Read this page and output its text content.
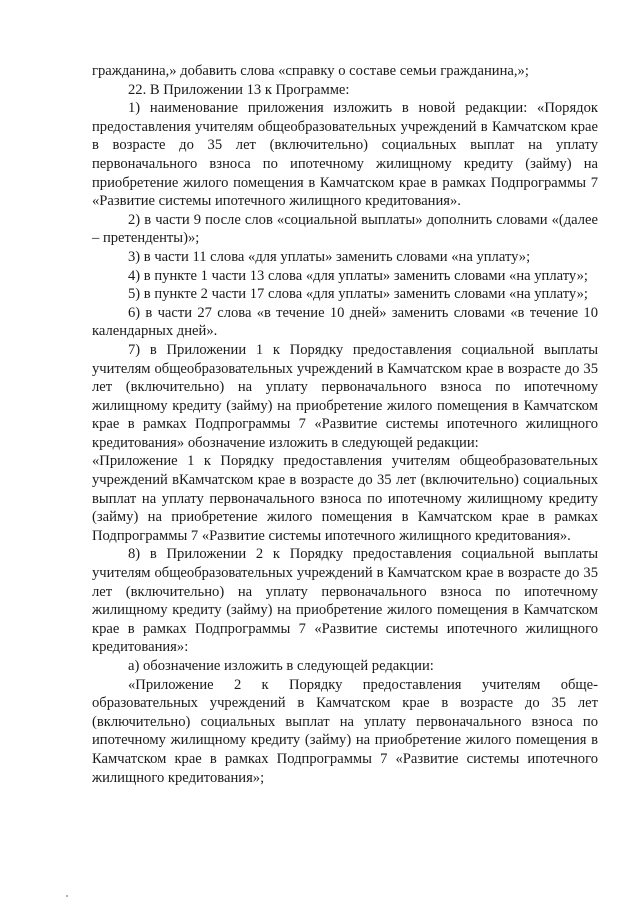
гражданина,» добавить слова «справку о составе семьи гражданина,»;

22. В Приложении 13 к Программе:

1) наименование приложения изложить в новой редакции: «Порядок предоставления учителям общеобразовательных учреждений в Камчатском крае в возрасте до 35 лет (включительно) социальных выплат на уплату первоначального взноса по ипотечному жилищному кредиту (займу) на приобретение жилого помещения в Камчатском крае в рамках Подпрограммы 7 «Развитие системы ипотечного жилищного кредитования».

2) в части 9 после слов «социальной выплаты» дополнить словами «(далее – претенденты)»;

3) в части 11 слова «для уплаты» заменить словами «на уплату»;

4) в пункте 1 части 13 слова «для уплаты» заменить словами «на уплату»;

5) в пункте 2 части 17 слова «для уплаты» заменить словами «на уплату»;

6) в части 27 слова «в течение 10 дней» заменить словами «в течение 10 календарных дней».

7) в Приложении 1 к Порядку предоставления социальной выплаты учителям общеобразовательных учреждений в Камчатском крае в возрасте до 35 лет (включительно) на уплату первоначального взноса по ипотечному жилищному кредиту (займу) на приобретение жилого помещения в Камчатском крае в рамках Подпрограммы 7 «Развитие системы ипотечного жилищного кредитования» обозначение изложить в следующей редакции:

«Приложение 1 к Порядку предоставления учителям общеобразовательных учреждений вКамчатском крае в возрасте до 35 лет (включительно) социальных выплат на уплату первоначального взноса по ипотечному жилищному кредиту (займу) на приобретение жилого помещения в Камчатском крае в рамках Подпрограммы 7 «Развитие системы ипотечного жилищного кредитования».

8) в Приложении 2 к Порядку предоставления социальной выплаты учителям общеобразовательных учреждений в Камчатском крае в возрасте до 35 лет (включительно) на уплату первоначального взноса по ипотечному жилищному кредиту (займу) на приобретение жилого помещения в Камчатском крае в рамках Подпрограммы 7 «Развитие системы ипотечного жилищного кредитования»:

а) обозначение изложить в следующей редакции:

«Приложение 2 к Порядку предоставления учителям обще-образовательных учреждений в Камчатском крае в возрасте до 35 лет (включительно) социальных выплат на уплату первоначального взноса по ипотечному жилищному кредиту (займу) на приобретение жилого помещения в Камчатском крае в рамках Подпрограммы 7 «Развитие системы ипотечного жилищного кредитования»;
